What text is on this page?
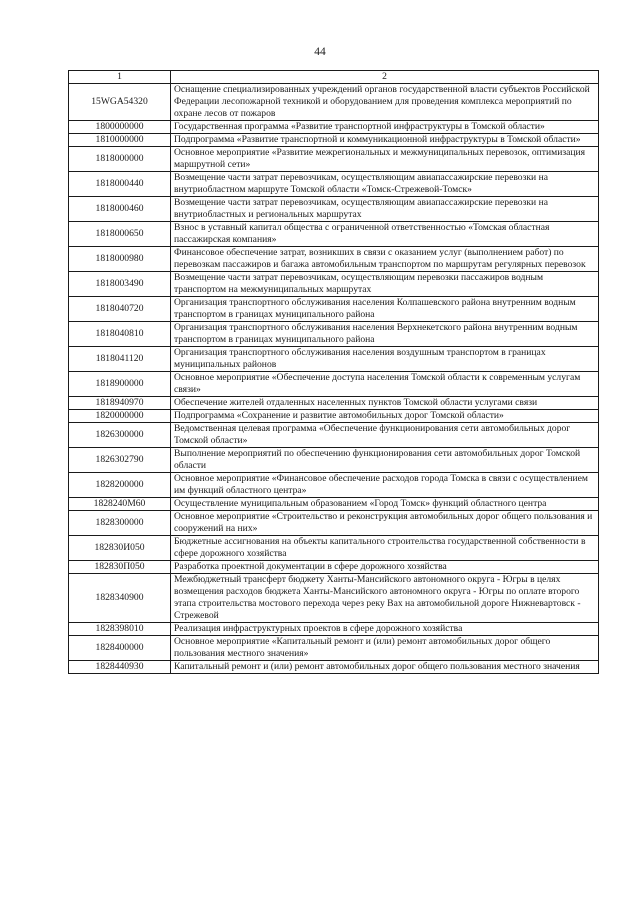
44
1	2
15WGA54320	Оснащение специализированных учреждений органов государственной власти субъектов Российской Федерации лесопожарной техникой и оборудованием для проведения комплекса мероприятий по охране лесов от пожаров
1800000000	Государственная программа «Развитие транспортной инфраструктуры в Томской области»
1810000000	Подпрограмма «Развитие транспортной и коммуникационной инфраструктуры в Томской области»
1818000000	Основное мероприятие «Развитие межрегиональных и межмуниципальных перевозок, оптимизация маршрутной сети»
1818000440	Возмещение части затрат перевозчикам, осуществляющим авиапассажирские перевозки на внутриобластном маршруте Томской области «Томск-Стрежевой-Томск»
1818000460	Возмещение части затрат перевозчикам, осуществляющим авиапассажирские перевозки на внутриобластных и региональных маршрутах
1818000650	Взнос в уставный капитал общества с ограниченной ответственностью «Томская областная пассажирская компания»
1818000980	Финансовое обеспечение затрат, возникших в связи с оказанием услуг (выполнением работ) по перевозкам пассажиров и багажа автомобильным транспортом по маршрутам регулярных перевозок
1818003490	Возмещение части затрат перевозчикам, осуществляющим перевозки пассажиров водным транспортом на межмуниципальных маршрутах
1818040720	Организация транспортного обслуживания населения Колпашевского района внутренним водным транспортом в границах муниципального района
1818040810	Организация транспортного обслуживания населения Верхнекетского района внутренним водным транспортом в границах муниципального района
1818041120	Организация транспортного обслуживания населения воздушным транспортом в границах муниципальных районов
1818900000	Основное мероприятие «Обеспечение доступа населения Томской области к современным услугам связи»
1818940970	Обеспечение жителей отдаленных населенных пунктов Томской области услугами связи
1820000000	Подпрограмма «Сохранение и развитие автомобильных дорог Томской области»
1826300000	Ведомственная целевая программа «Обеспечение функционирования сети автомобильных дорог Томской области»
1826302790	Выполнение мероприятий по обеспечению функционирования сети автомобильных дорог Томской области
1828200000	Основное мероприятие «Финансовое обеспечение расходов города Томска в связи с осуществлением им функций областного центра»
1828240М60	Осуществление муниципальным образованием «Город Томск» функций областного центра
1828300000	Основное мероприятие «Строительство и реконструкция автомобильных дорог общего пользования и сооружений на них»
182830И050	Бюджетные ассигнования на объекты капитального строительства государственной собственности в сфере дорожного хозяйства
182830П050	Разработка проектной документации в сфере дорожного хозяйства
1828340900	Межбюджетный трансферт бюджету Ханты-Мансийского автономного округа - Югры в целях возмещения расходов бюджета Ханты-Мансийского автономного округа - Югры по оплате второго этапа строительства мостового перехода через реку Вах на автомобильной дороге Нижневартовск - Стрежевой
1828398010	Реализация инфраструктурных проектов в сфере дорожного хозяйства
1828400000	Основное мероприятие «Капитальный ремонт и (или) ремонт автомобильных дорог общего пользования местного значения»
1828440930	Капитальный ремонт и (или) ремонт автомобильных дорог общего пользования местного значения
